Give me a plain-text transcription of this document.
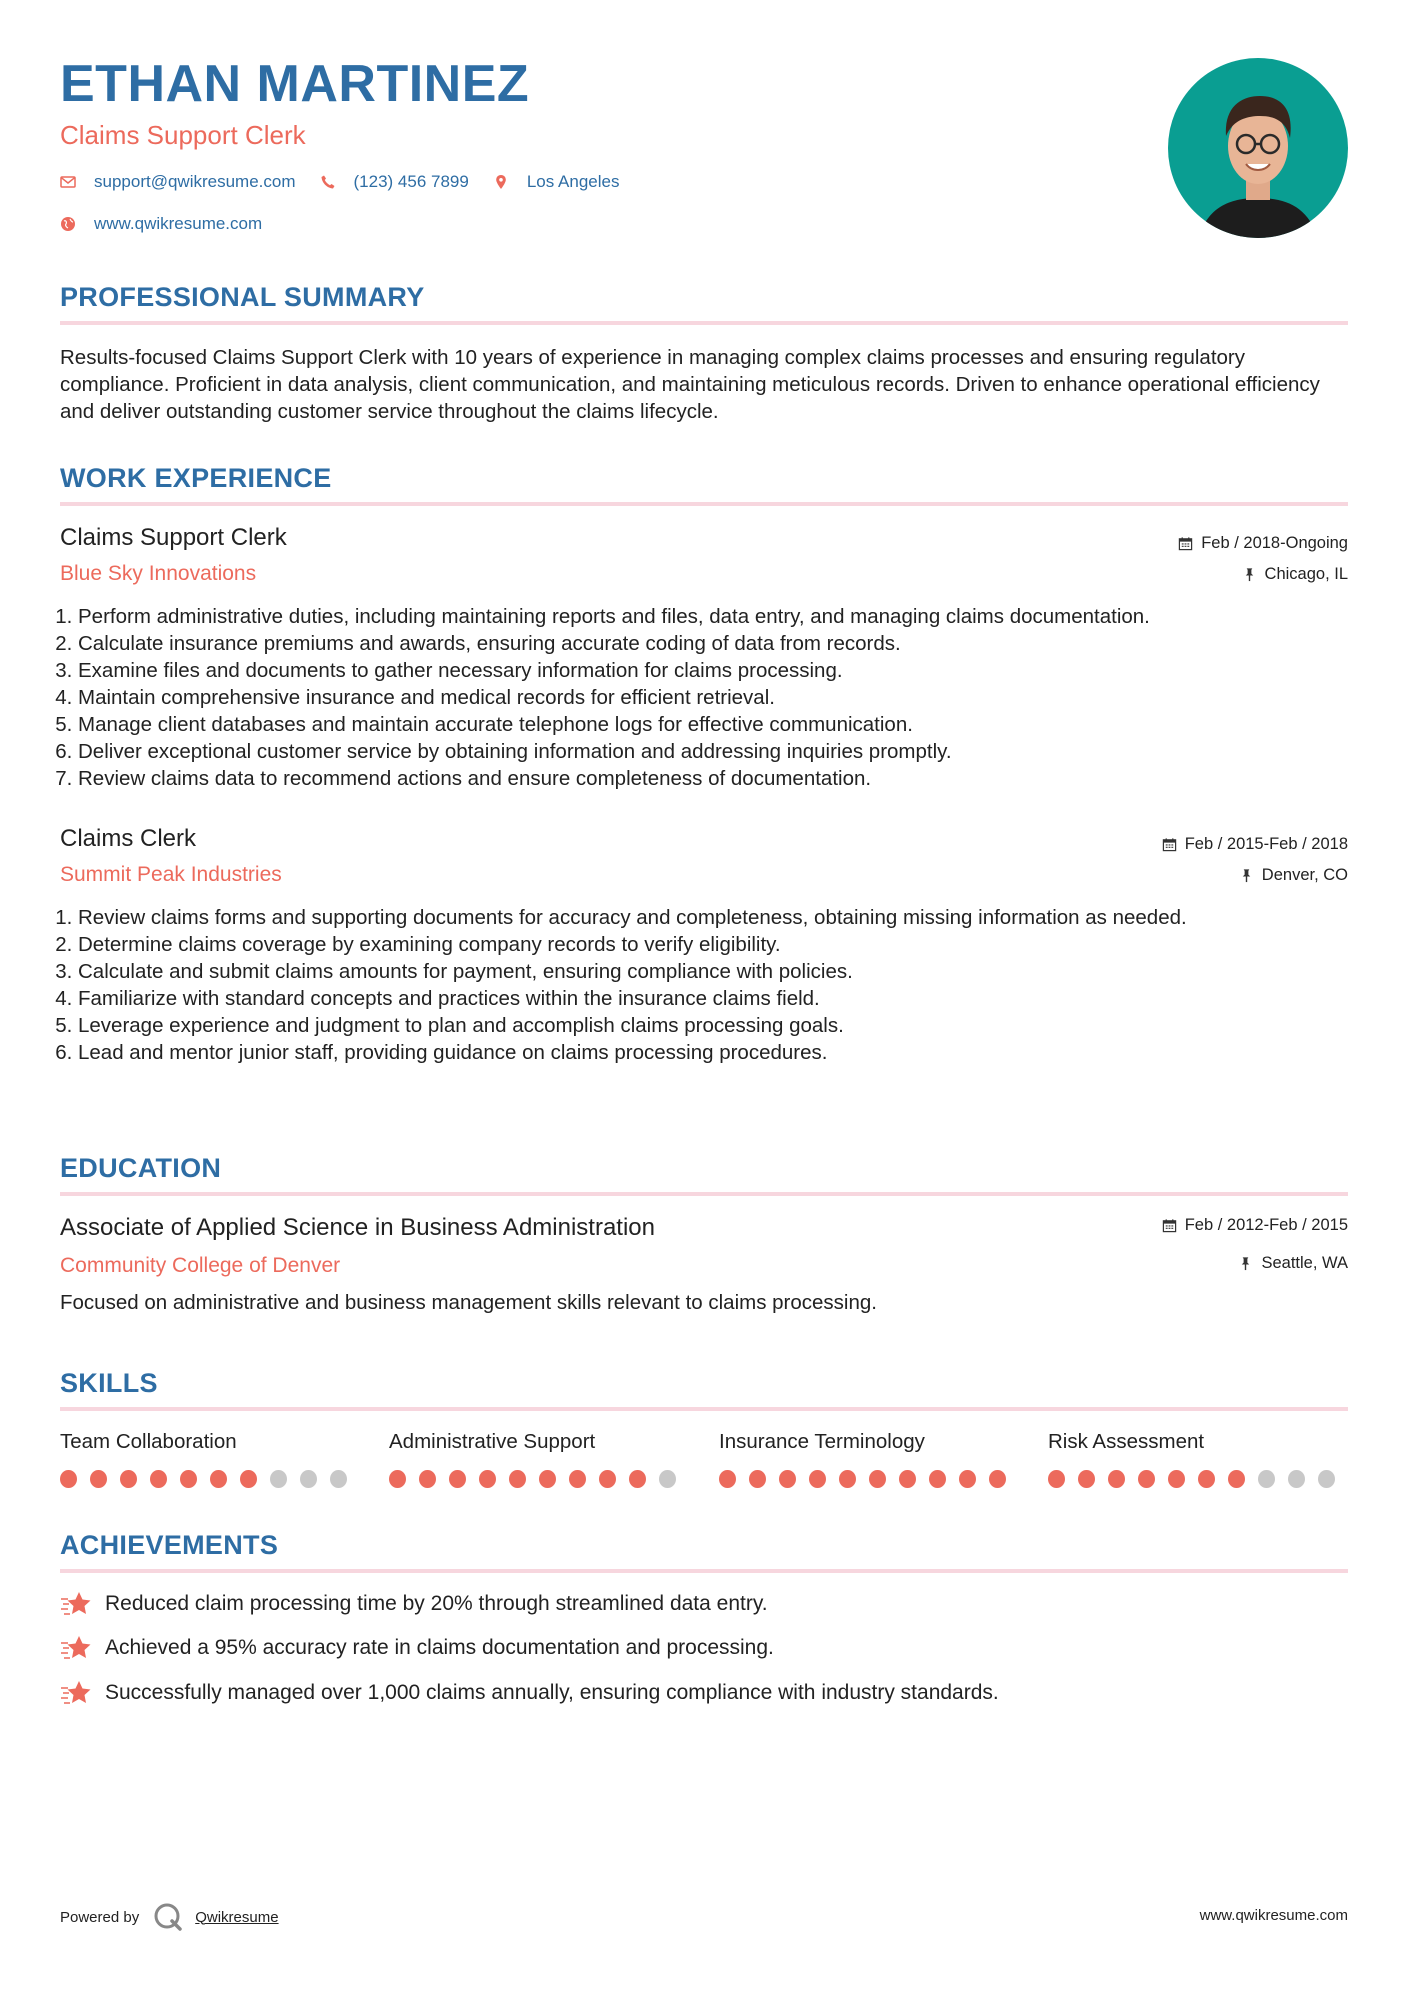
ETHAN MARTINEZ
Claims Support Clerk
support@qwikresume.com	(123) 456 7899	Los Angeles
www.qwikresume.com
PROFESSIONAL SUMMARY
Results-focused Claims Support Clerk with 10 years of experience in managing complex claims processes and ensuring regulatory compliance. Proficient in data analysis, client communication, and maintaining meticulous records. Driven to enhance operational efficiency and deliver outstanding customer service throughout the claims lifecycle.
WORK EXPERIENCE
Claims Support Clerk
Blue Sky Innovations
Feb / 2018-Ongoing
Chicago, IL
1. Perform administrative duties, including maintaining reports and files, data entry, and managing claims documentation.
2. Calculate insurance premiums and awards, ensuring accurate coding of data from records.
3. Examine files and documents to gather necessary information for claims processing.
4. Maintain comprehensive insurance and medical records for efficient retrieval.
5. Manage client databases and maintain accurate telephone logs for effective communication.
6. Deliver exceptional customer service by obtaining information and addressing inquiries promptly.
7. Review claims data to recommend actions and ensure completeness of documentation.
Claims Clerk
Summit Peak Industries
Feb / 2015-Feb / 2018
Denver, CO
1. Review claims forms and supporting documents for accuracy and completeness, obtaining missing information as needed.
2. Determine claims coverage by examining company records to verify eligibility.
3. Calculate and submit claims amounts for payment, ensuring compliance with policies.
4. Familiarize with standard concepts and practices within the insurance claims field.
5. Leverage experience and judgment to plan and accomplish claims processing goals.
6. Lead and mentor junior staff, providing guidance on claims processing procedures.
EDUCATION
Associate of Applied Science in Business Administration
Community College of Denver
Feb / 2012-Feb / 2015
Seattle, WA
Focused on administrative and business management skills relevant to claims processing.
SKILLS
Team Collaboration	Administrative Support	Insurance Terminology	Risk Assessment
ACHIEVEMENTS
Reduced claim processing time by 20% through streamlined data entry.
Achieved a 95% accuracy rate in claims documentation and processing.
Successfully managed over 1,000 claims annually, ensuring compliance with industry standards.
Powered by	Qwikresume	www.qwikresume.com
